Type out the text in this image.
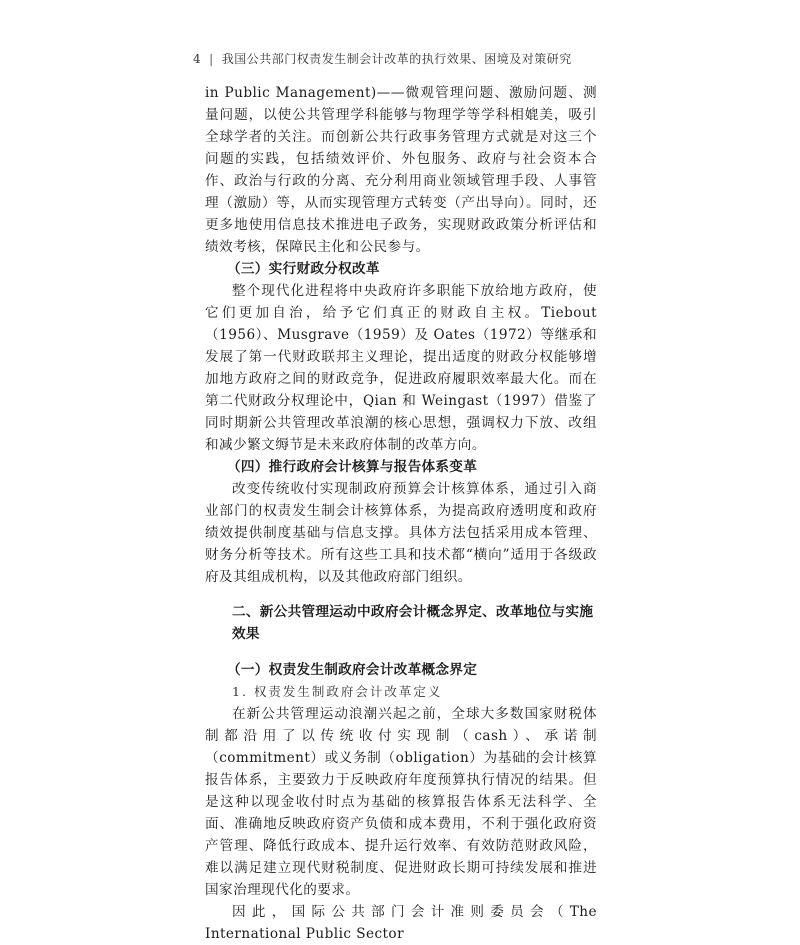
4 | 我国公共部门权责发生制会计改革的执行效果、困境及对策研究

in Public Management)——微观管理问题、激励问题、测量问题，以使公共管理学科能够与物理学等学科相媲美，吸引全球学者的关注。而创新公共行政事务管理方式就是对这三个问题的实践，包括绩效评价、外包服务、政府与社会资本合作、政治与行政的分离、充分利用商业领域管理手段、人事管理（激励）等，从而实现管理方式转变（产出导向）。同时，还更多地使用信息技术推进电子政务，实现财政政策分析评估和绩效考核，保障民主化和公民参与。

（三）实行财政分权改革

整个现代化进程将中央政府许多职能下放给地方政府，使它们更加自治，给予它们真正的财政自主权。Tiebout（1956）、Musgrave（1959）及 Oates（1972）等继承和发展了第一代财政联邦主义理论，提出适度的财政分权能够增加地方政府之间的财政竞争，促进政府履职效率最大化。而在第二代财政分权理论中，Qian 和 Weingast（1997）借鉴了同时期新公共管理改革浪潮的核心思想，强调权力下放、改组和减少繁文缛节是未来政府体制的改革方向。

（四）推行政府会计核算与报告体系变革

改变传统收付实现制政府预算会计核算体系，通过引入商业部门的权责发生制会计核算体系，为提高政府透明度和政府绩效提供制度基础与信息支撑。具体方法包括采用成本管理、财务分析等技术。所有这些工具和技术都“横向”适用于各级政府及其组成机构，以及其他政府部门组织。

二、新公共管理运动中政府会计概念界定、改革地位与实施效果

（一）权责发生制政府会计改革概念界定

1. 权责发生制政府会计改革定义

在新公共管理运动浪潮兴起之前，全球大多数国家财税体制都沿用了以传统收付实现制（cash）、承诺制（commitment）或义务制（obligation）为基础的会计核算报告体系，主要致力于反映政府年度预算执行情况的结果。但是这种以现金收付时点为基础的核算报告体系无法科学、全面、准确地反映政府资产负债和成本费用，不利于强化政府资产管理、降低行政成本、提升运行效率、有效防范财政风险，难以满足建立现代财税制度、促进财政长期可持续发展和推进国家治理现代化的要求。

因此，国际公共部门会计准则委员会（The International Public Sector
